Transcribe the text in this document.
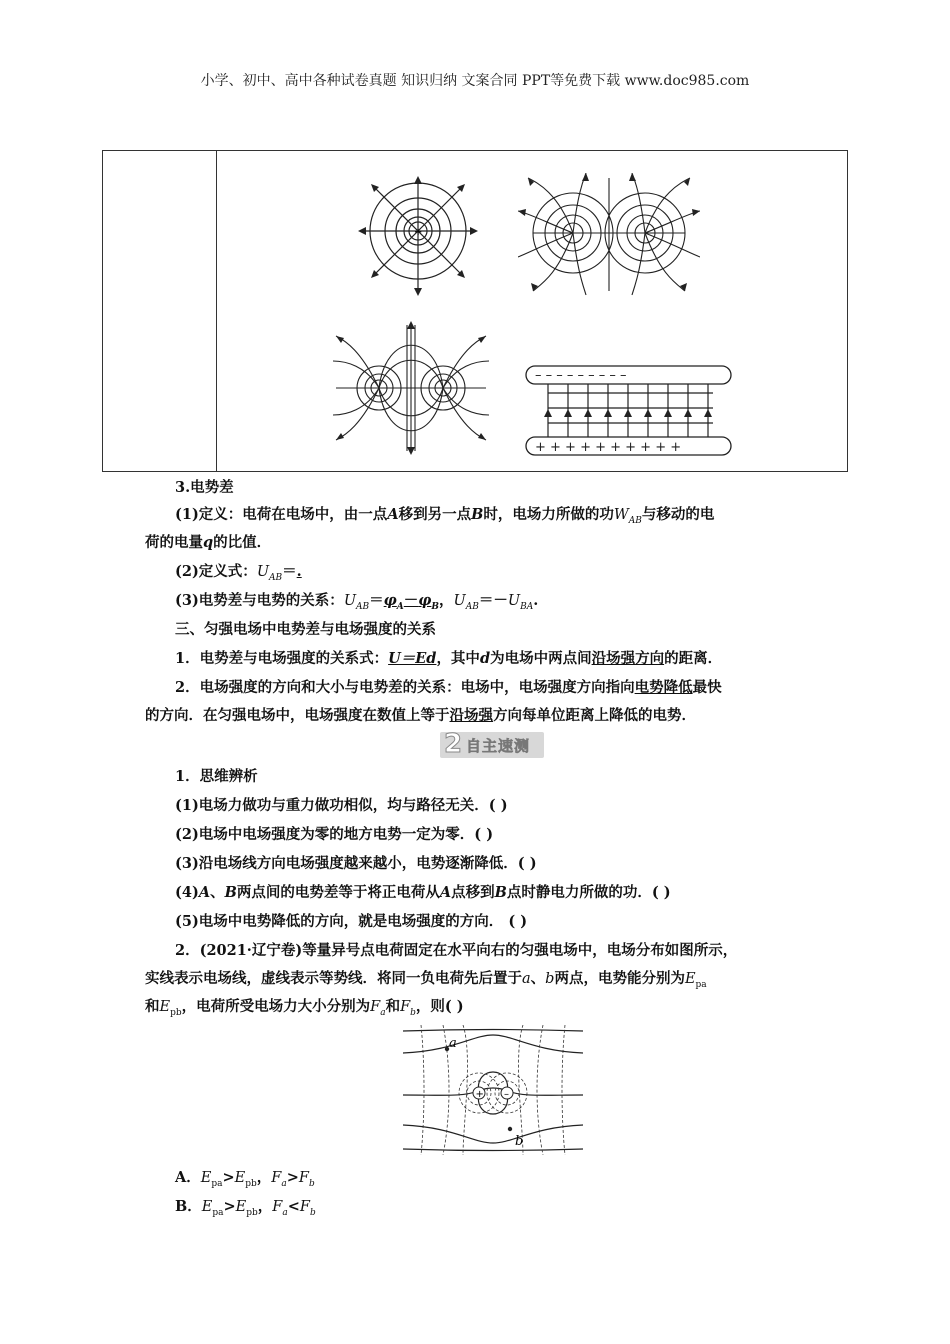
小学、初中、高中各种试卷真题 知识归纳 文案合同 PPT等免费下载 www.doc985.com
+
– – – – – – – – –
+ + + + + + + + + +
3.电势差
(1)定义：电荷在电场中，由一点A移到另一点B时，电场力所做的功$W_{AB}$与移动的电
荷的电量q的比值．
(2)定义式：$U_{AB}=$.
(3)电势差与电势的关系：$U_{AB}=\varphi_A-\varphi_B$，$U_{AB}=-U_{BA}$.
三、匀强电场中电势差与电场强度的关系
1．电势差与电场强度的关系式：U＝Ed，其中d为电场中两点间沿场强方向的距离．
2．电场强度的方向和大小与电势差的关系：电场中，电场强度方向指向电势降低最快
的方向．在匀强电场中，电场强度在数值上等于沿场强方向每单位距离上降低的电势．
2 自主速测
1．思维辨析
(1)电场力做功与重力做功相似，均与路径无关．( )
(2)电场中电场强度为零的地方电势一定为零．( )
(3)沿电场线方向电场强度越来越小，电势逐渐降低．( )
(4)A、B两点间的电势差等于将正电荷从A点移到B点时静电力所做的功．( )
(5)电场中电势降低的方向，就是电场强度的方向． ( )
2．(2021·辽宁卷)等量异号点电荷固定在水平向右的匀强电场中，电场分布如图所示，
实线表示电场线，虚线表示等势线．将同一负电荷先后置于a、b两点，电势能分别为$E_{pa}$
和$E_{pb}$，电荷所受电场力大小分别为$F_a$和$F_b$，则( )
+ –
a
b
A．$E_{pa}>E_{pb}$，$F_a>F_b$
B．$E_{pa}>E_{pb}$，$F_a<F_b$
